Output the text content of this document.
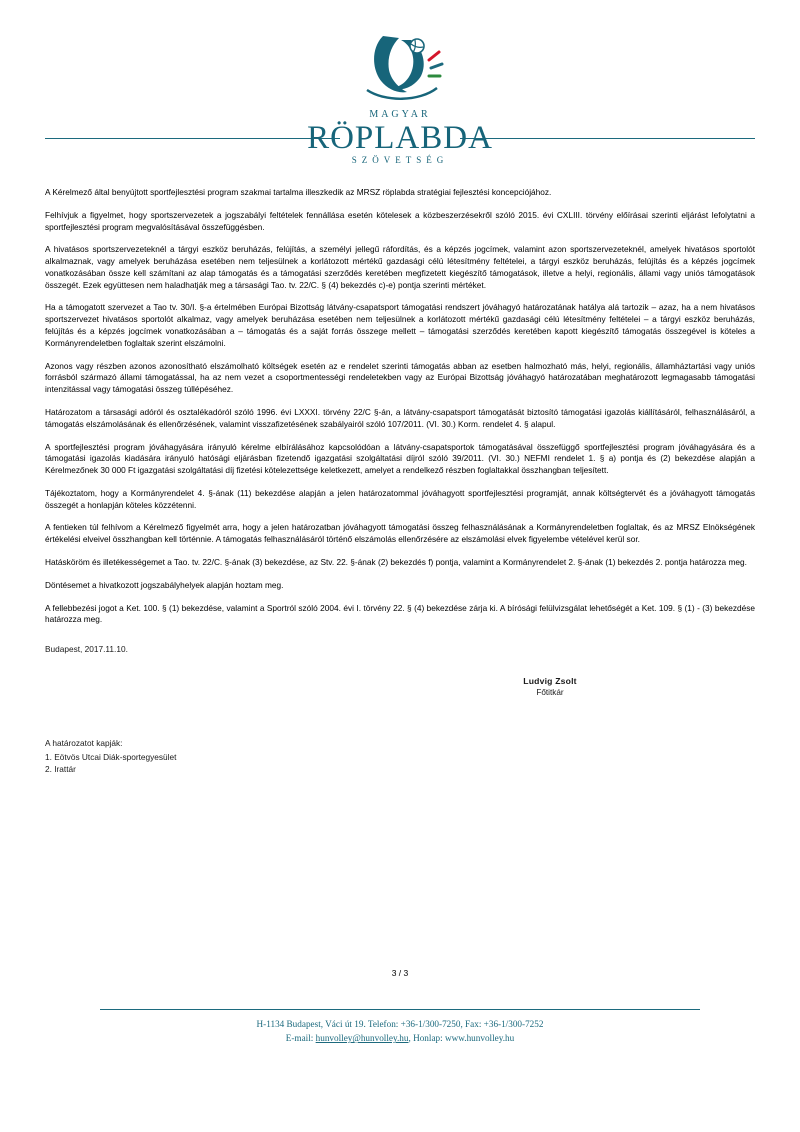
MAGYAR
RÖPLABDA
SZÖVETSÉG

A Kérelmező által benyújtott sportfejlesztési program szakmai tartalma illeszkedik az MRSZ röplabda stratégiai fejlesztési koncepciójához.

Felhívjuk a figyelmet, hogy sportszervezetek a jogszabályi feltételek fennállása esetén kötelesek a közbeszerzésekről szóló 2015. évi CXLIII. törvény előírásai szerinti eljárást lefolytatni a sportfejlesztési program megvalósításával összefüggésben.

A hivatásos sportszervezeteknél a tárgyi eszköz beruházás, felújítás, a személyi jellegű ráfordítás, és a képzés jogcímek, valamint azon sportszervezeteknél, amelyek hivatásos sportolót alkalmaznak, vagy amelyek beruházása esetében nem teljesülnek a korlátozott mértékű gazdasági célú létesítmény feltételei, a tárgyi eszköz beruházás, felújítás és a képzés jogcímek vonatkozásában össze kell számítani az alap támogatás és a támogatási szerződés keretében megfizetett kiegészítő támogatások, illetve a helyi, regionális, állami vagy uniós támogatások összegét. Ezek együttesen nem haladhatják meg a társasági Tao. tv. 22/C. § (4) bekezdés c)-e) pontja szerinti mértéket.

Ha a támogatott szervezet a Tao tv. 30/I. §-a értelmében Európai Bizottság látvány-csapatsport támogatási rendszert jóváhagyó határozatának hatálya alá tartozik – azaz, ha a nem hivatásos sportszervezet hivatásos sportolót alkalmaz, vagy amelyek beruházása esetében nem teljesülnek a korlátozott mértékű gazdasági célú létesítmény feltételei – a tárgyi eszköz beruházás, felújítás és a képzés jogcímek vonatkozásában a – támogatás és a saját forrás összege mellett – támogatási szerződés keretében kapott kiegészítő támogatás összegével is köteles a Kormányrendeletben foglaltak szerint elszámolni.

Azonos vagy részben azonos azonosítható elszámolható költségek esetén az e rendelet szerinti támogatás abban az esetben halmozható más, helyi, regionális, államháztartási vagy uniós forrásból származó állami támogatással, ha az nem vezet a csoportmentességi rendeletekben vagy az Európai Bizottság jóváhagyó határozatában meghatározott legmagasabb támogatási intenzitással vagy támogatási összeg túllépéséhez.

Határozatom a társasági adóról és osztalékadóról szóló 1996. évi LXXXI. törvény 22/C §-án, a látvány-csapatsport támogatását biztosító támogatási igazolás kiállításáról, felhasználásáról, a támogatás elszámolásának és ellenőrzésének, valamint visszafizetésének szabályairól szóló 107/2011. (VI. 30.) Korm. rendelet 4. § alapul.

A sportfejlesztési program jóváhagyására irányuló kérelme elbírálásához kapcsolódóan a látvány-csapatsportok támogatásával összefüggő sportfejlesztési program jóváhagyására és a támogatási igazolás kiadására irányuló hatósági eljárásban fizetendő igazgatási szolgáltatási díjról szóló 39/2011. (VI. 30.) NEFMI rendelet 1. § a) pontja és (2) bekezdése alapján a Kérelmezőnek 30 000 Ft igazgatási szolgáltatási díj fizetési kötelezettsége keletkezett, amelyet a rendelkező részben foglaltakkal összhangban teljesített.

Tájékoztatom, hogy a Kormányrendelet 4. §-ának (11) bekezdése alapján a jelen határozatommal jóváhagyott sportfejlesztési programját, annak költségtervét és a jóváhagyott támogatás összegét a honlapján köteles közzétenni.

A fentieken túl felhívom a Kérelmező figyelmét arra, hogy a jelen határozatban jóváhagyott támogatási összeg felhasználásának a Kormányrendeletben foglaltak, és az MRSZ Elnökségének értékelési elveivel összhangban kell történnie. A támogatás felhasználásáról történő elszámolás ellenőrzésére az elszámolási elvek figyelembe vételével kerül sor.

Hatásköröm és illetékességemet a Tao. tv. 22/C. §-ának (3) bekezdése, az Stv. 22. §-ának (2) bekezdés f) pontja, valamint a Kormányrendelet 2. §-ának (1) bekezdés 2. pontja határozza meg.

Döntésemet a hivatkozott jogszabályhelyek alapján hoztam meg.

A fellebbezési jogot a Ket. 100. § (1) bekezdése, valamint a Sportról szóló 2004. évi I. törvény 22. § (4) bekezdése zárja ki. A bírósági felülvizsgálat lehetőségét a Ket. 109. § (1) - (3) bekezdése határozza meg.

Budapest, 2017.11.10.

Ludvig Zsolt
Főtitkár
A határozatot kapják:
1. Eötvös Utcai Diák-sportegyesület
2. Irattár
3 / 3
H-1134 Budapest, Váci út 19. Telefon: +36-1/300-7250, Fax: +36-1/300-7252
E-mail: hunvolley@hunvolley.hu, Honlap: www.hunvolley.hu
